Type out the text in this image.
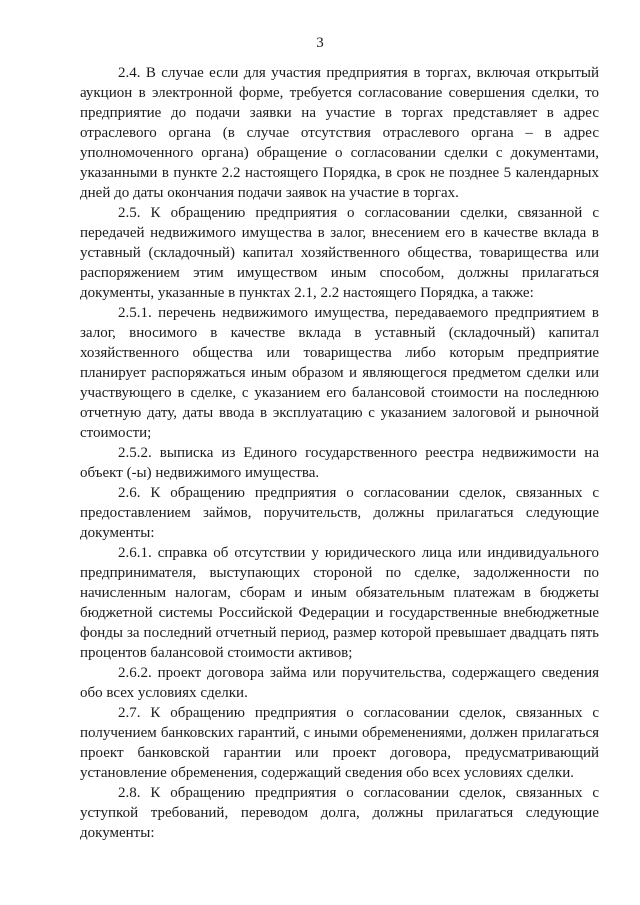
3

2.4. В случае если для участия предприятия в торгах, включая открытый аукцион в электронной форме, требуется согласование совершения сделки, то предприятие до подачи заявки на участие в торгах представляет в адрес отраслевого органа (в случае отсутствия отраслевого органа – в адрес уполномоченного органа) обращение о согласовании сделки с документами, указанными в пункте 2.2 настоящего Порядка, в срок не позднее 5 календарных дней до даты окончания подачи заявок на участие в торгах.

2.5. К обращению предприятия о согласовании сделки, связанной с передачей недвижимого имущества в залог, внесением его в качестве вклада в уставный (складочный) капитал хозяйственного общества, товарищества или распоряжением этим имуществом иным способом, должны прилагаться документы, указанные в пунктах 2.1, 2.2 настоящего Порядка, а также:

2.5.1. перечень недвижимого имущества, передаваемого предприятием в залог, вносимого в качестве вклада в уставный (складочный) капитал хозяйственного общества или товарищества либо которым предприятие планирует распоряжаться иным образом и являющегося предметом сделки или участвующего в сделке, с указанием его балансовой стоимости на последнюю отчетную дату, даты ввода в эксплуатацию с указанием залоговой и рыночной стоимости;

2.5.2. выписка из Единого государственного реестра недвижимости на объект (-ы) недвижимого имущества.

2.6. К обращению предприятия о согласовании сделок, связанных с предоставлением займов, поручительств, должны прилагаться следующие документы:

2.6.1. справка об отсутствии у юридического лица или индивидуального предпринимателя, выступающих стороной по сделке, задолженности по начисленным налогам, сборам и иным обязательным платежам в бюджеты бюджетной системы Российской Федерации и государственные внебюджетные фонды за последний отчетный период, размер которой превышает двадцать пять процентов балансовой стоимости активов;

2.6.2. проект договора займа или поручительства, содержащего сведения обо всех условиях сделки.

2.7. К обращению предприятия о согласовании сделок, связанных с получением банковских гарантий, с иными обременениями, должен прилагаться проект банковской гарантии или проект договора, предусматривающий установление обременения, содержащий сведения обо всех условиях сделки.

2.8. К обращению предприятия о согласовании сделок, связанных с уступкой требований, переводом долга, должны прилагаться следующие документы:
